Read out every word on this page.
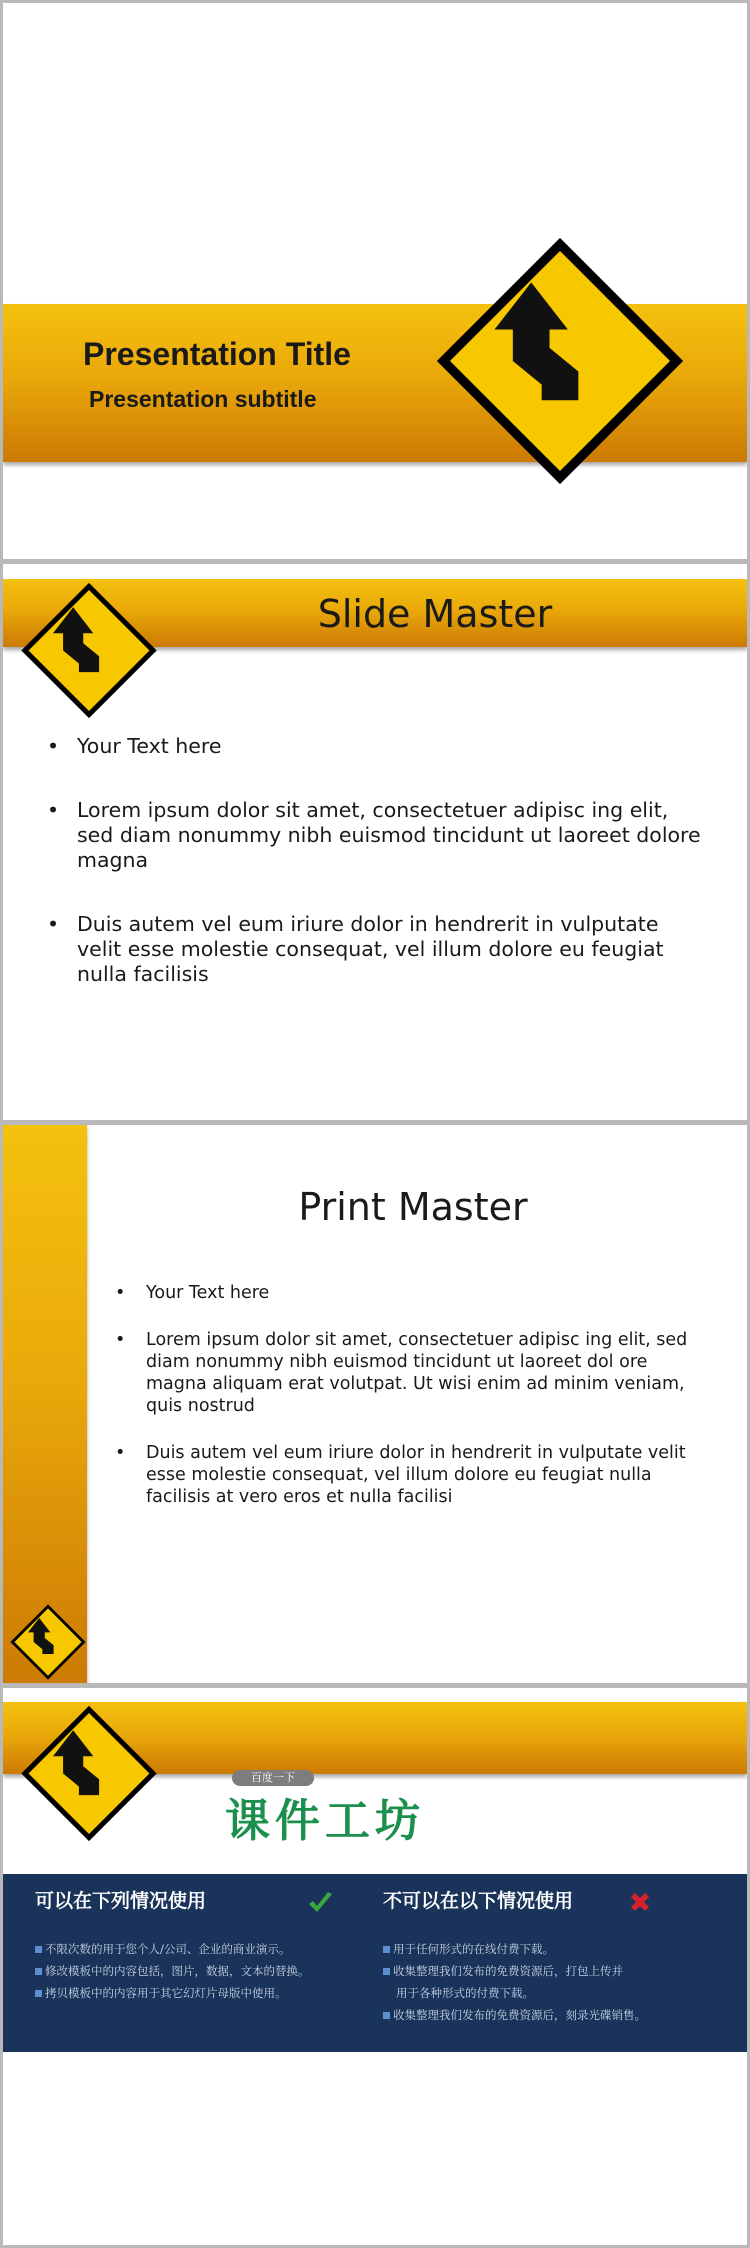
Presentation Title
Presentation subtitle
Slide Master
• Your Text here
• Lorem ipsum dolor sit amet, consectetuer adipisc ing elit, sed diam nonummy nibh euismod tincidunt ut laoreet dolore magna
• Duis autem vel eum iriure dolor in hendrerit in vulputate velit esse molestie consequat, vel illum dolore eu feugiat nulla facilisis
Print Master
• Your Text here
• Lorem ipsum dolor sit amet, consectetuer adipisc ing elit, sed diam nonummy nibh euismod tincidunt ut laoreet dol ore magna aliquam erat volutpat. Ut wisi enim ad minim veniam, quis nostrud
• Duis autem vel eum iriure dolor in hendrerit in vulputate velit esse molestie consequat, vel illum dolore eu feugiat nulla facilisis at vero eros et nulla facilisi
百度一下
课件工坊
可以在下列情况使用
不限次数的用于您个人/公司、企业的商业演示。
修改模板中的内容包括，图片，数据，文本的替换。
拷贝模板中的内容用于其它幻灯片母版中使用。
不可以在以下情况使用
用于任何形式的在线付费下载。
收集整理我们发布的免费资源后，打包上传并
用于各种形式的付费下载。
收集整理我们发布的免费资源后，刻录光碟销售。
